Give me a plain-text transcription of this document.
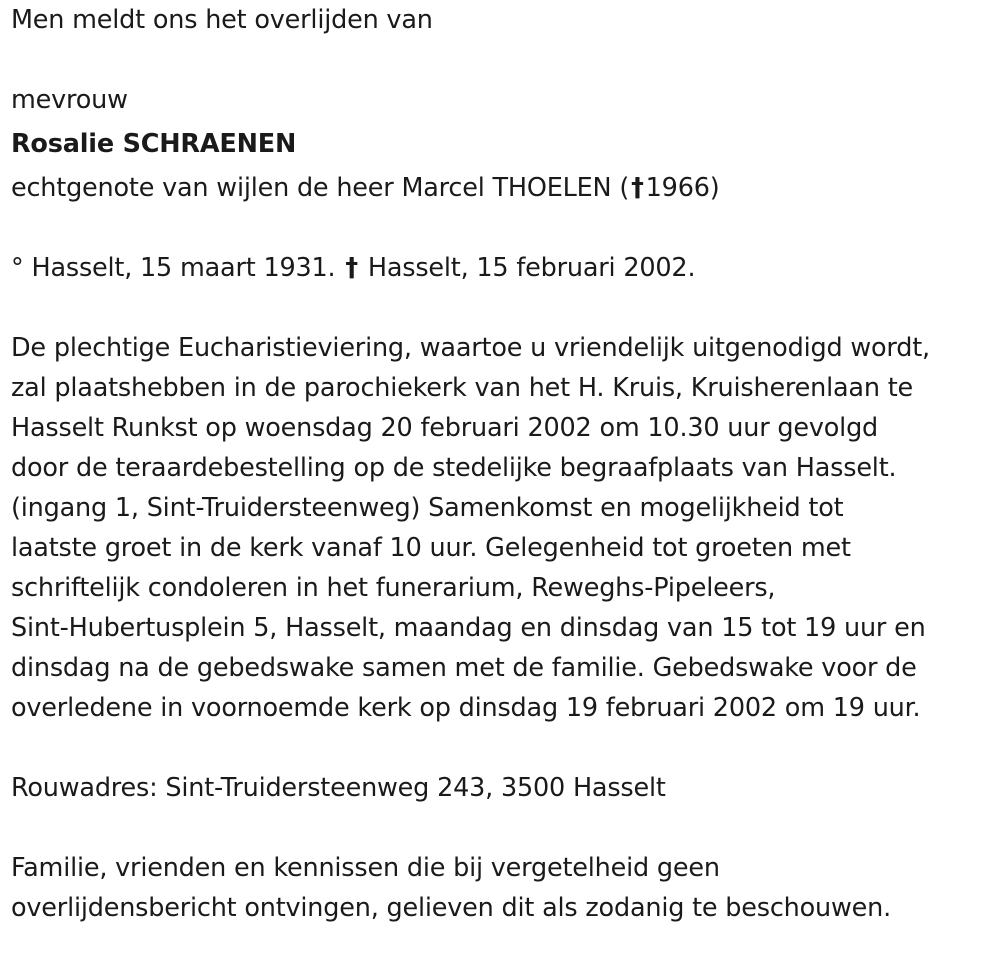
Men meldt ons het overlijden van
mevrouw
Rosalie SCHRAENEN
echtgenote van wijlen de heer Marcel THOELEN (†1966)
° Hasselt, 15 maart 1931. † Hasselt, 15 februari 2002.
De plechtige Eucharistieviering, waartoe u vriendelijk uitgenodigd wordt,
zal plaatshebben in de parochiekerk van het H. Kruis, Kruisherenlaan te
Hasselt Runkst op woensdag 20 februari 2002 om 10.30 uur gevolgd
door de teraardebestelling op de stedelijke begraafplaats van Hasselt.
(ingang 1, Sint-Truidersteenweg) Samenkomst en mogelijkheid tot
laatste groet in de kerk vanaf 10 uur. Gelegenheid tot groeten met
schriftelijk condoleren in het funerarium, Reweghs-Pipeleers,
Sint-Hubertusplein 5, Hasselt, maandag en dinsdag van 15 tot 19 uur en
dinsdag na de gebedswake samen met de familie. Gebedswake voor de
overledene in voornoemde kerk op dinsdag 19 februari 2002 om 19 uur.
Rouwadres: Sint-Truidersteenweg 243, 3500 Hasselt
Familie, vrienden en kennissen die bij vergetelheid geen
overlijdensbericht ontvingen, gelieven dit als zodanig te beschouwen.
